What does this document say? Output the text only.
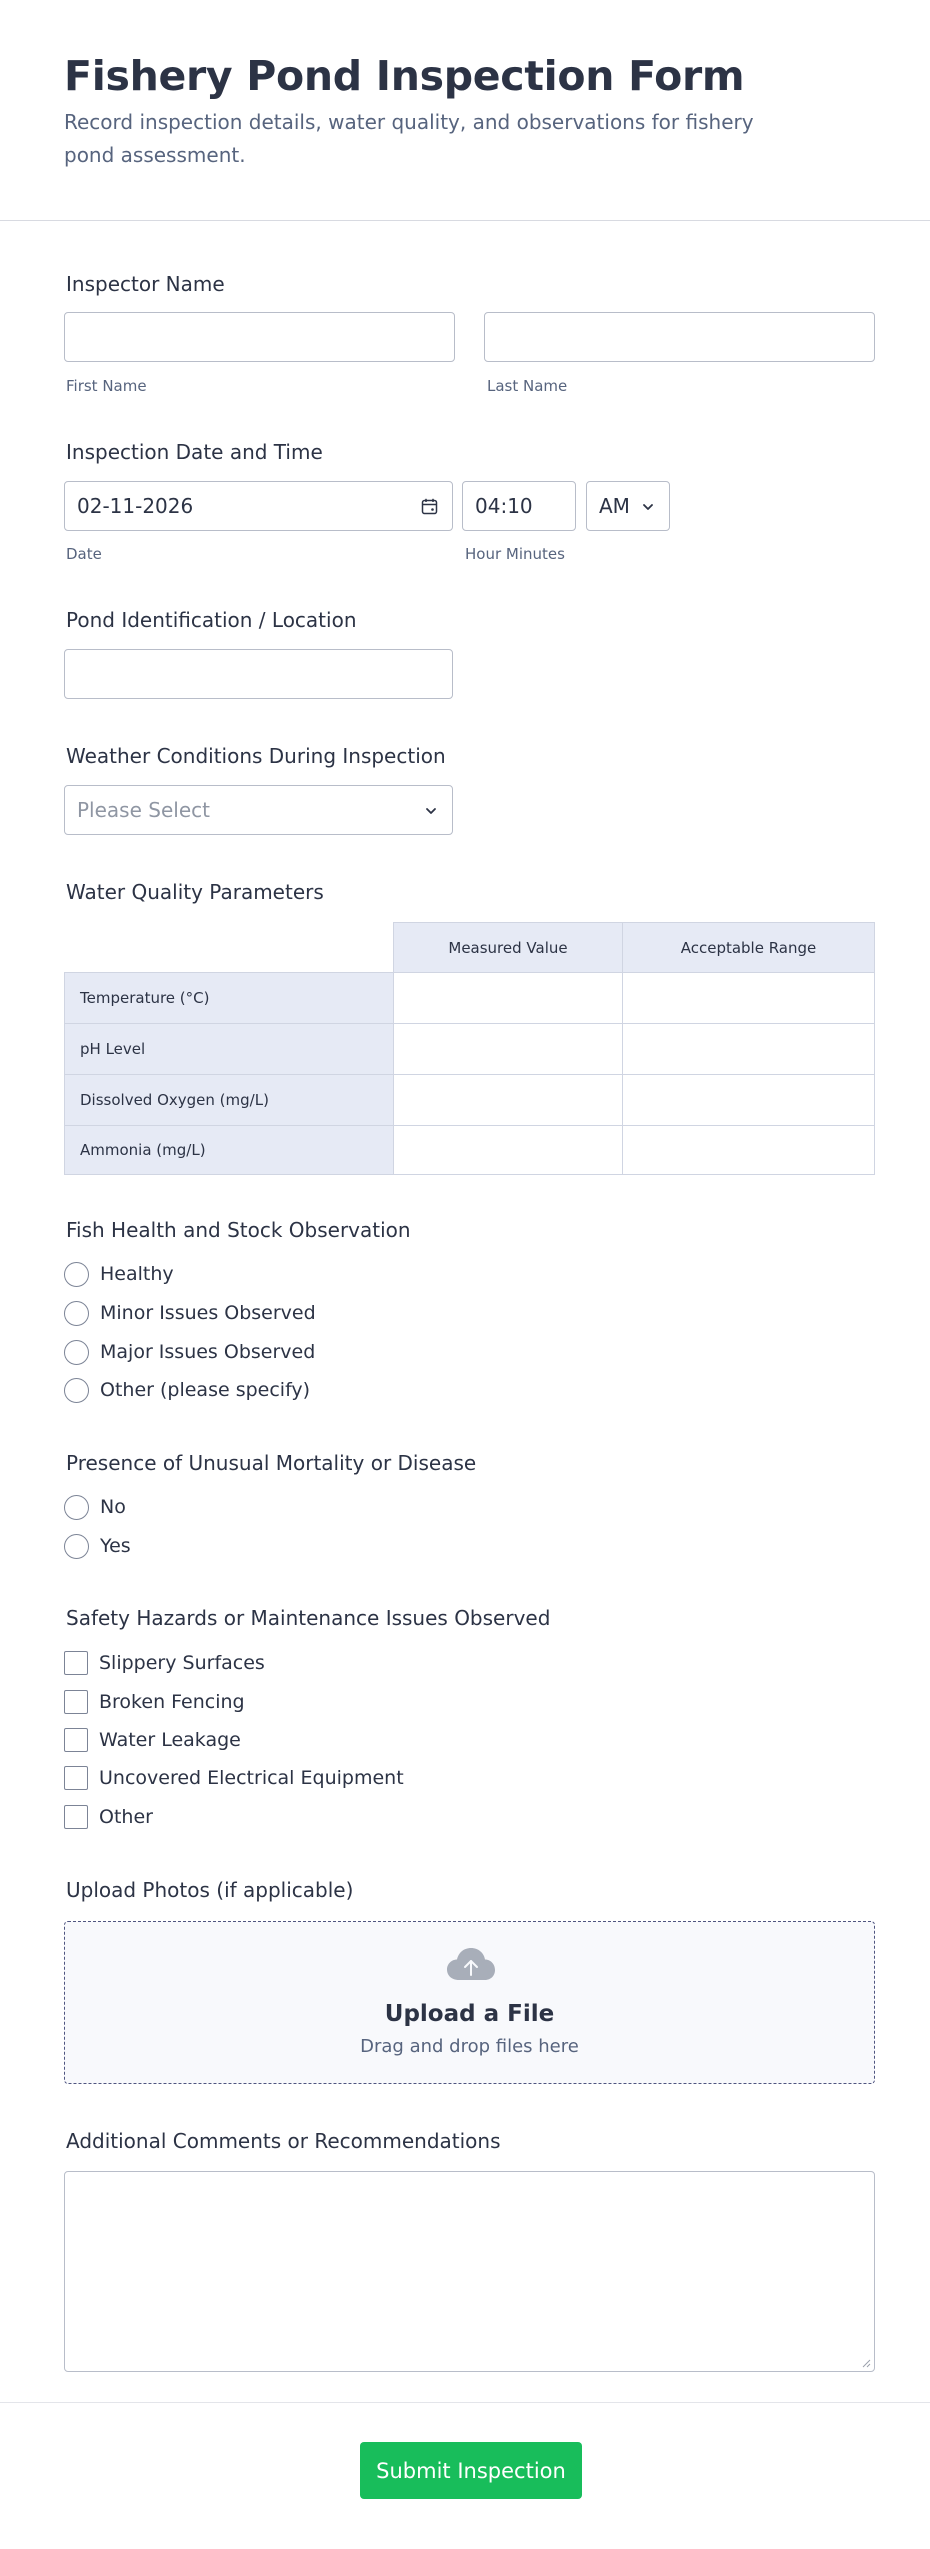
Fishery Pond Inspection Form

Record inspection details, water quality, and observations for fishery pond assessment.

Inspector Name
First Name	Last Name
Inspection Date and Time
02-11-2026
Date
04:10
Hour Minutes
AM
Pond Identification / Location
Weather Conditions During Inspection
Please Select
Water Quality Parameters
Measured Value	Acceptable Range
Temperature (°C)
pH Level
Dissolved Oxygen (mg/L)
Ammonia (mg/L)
Fish Health and Stock Observation
Healthy
Minor Issues Observed
Major Issues Observed
Other (please specify)
Presence of Unusual Mortality or Disease
No
Yes
Safety Hazards or Maintenance Issues Observed
Slippery Surfaces
Broken Fencing
Water Leakage
Uncovered Electrical Equipment
Other
Upload Photos (if applicable)
Upload a File
Drag and drop files here
Additional Comments or Recommendations
Submit Inspection
